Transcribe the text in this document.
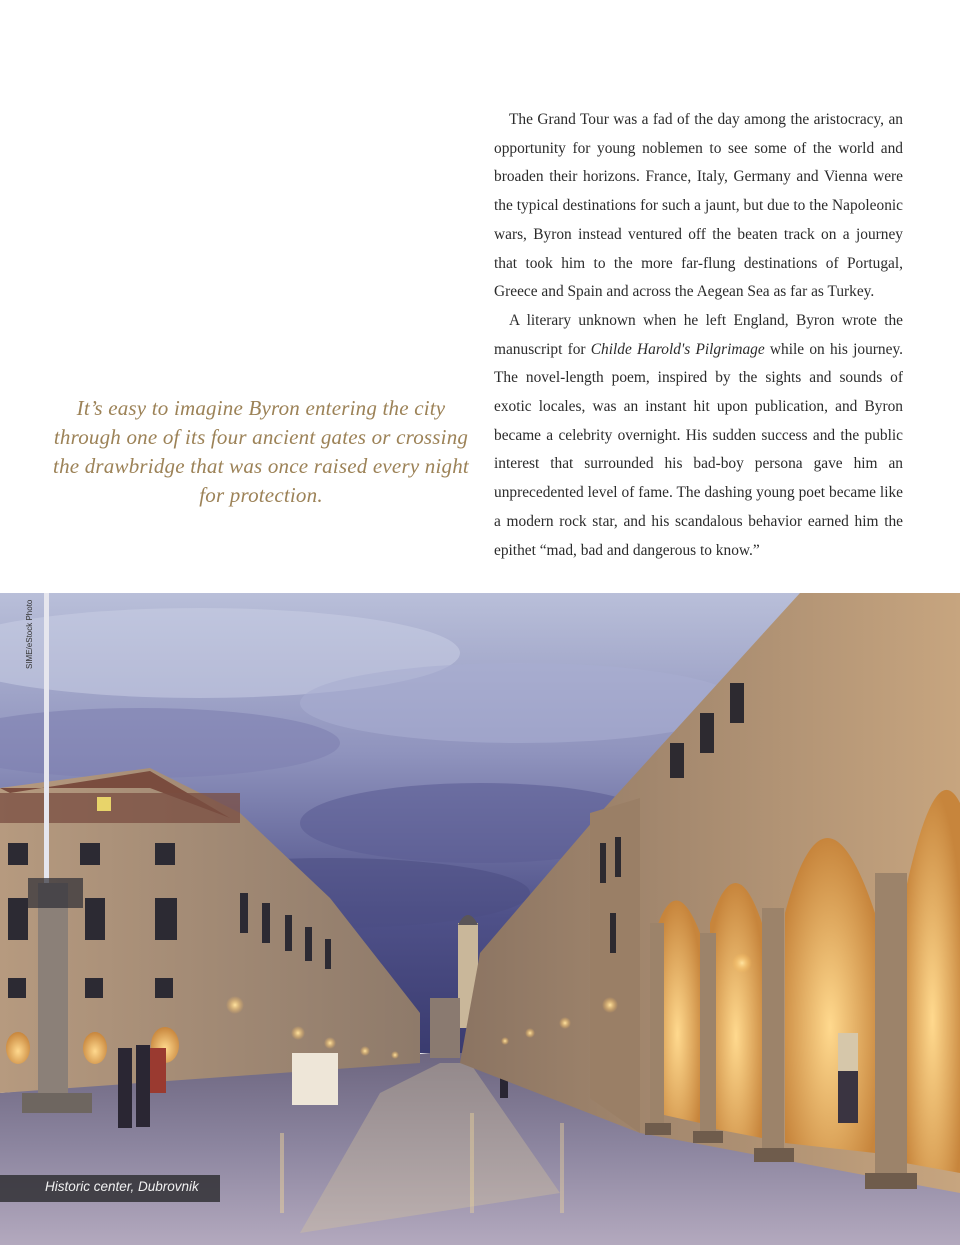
The Grand Tour was a fad of the day among the aristocracy, an opportunity for young noblemen to see some of the world and broaden their horizons. France, Italy, Germany and Vienna were the typical destinations for such a jaunt, but due to the Napoleonic wars, Byron instead ventured off the beaten track on a journey that took him to the more far-flung destinations of Portugal, Greece and Spain and across the Aegean Sea as far as Turkey.

A literary unknown when he left England, Byron wrote the manuscript for Childe Harold's Pilgrimage while on his journey. The novel-length poem, inspired by the sights and sounds of exotic locales, was an instant hit upon publication, and Byron became a celebrity overnight. His sudden success and the public interest that surrounded his bad-boy persona gave him an unprecedented level of fame. The dashing young poet became like a modern rock star, and his scandalous behavior earned him the epithet “mad, bad and dangerous to know.”

It’s easy to imagine Byron entering the city through one of its four ancient gates or crossing the drawbridge that was once raised every night for protection.
SIME/eStock Photo
Historic center, Dubrovnik
